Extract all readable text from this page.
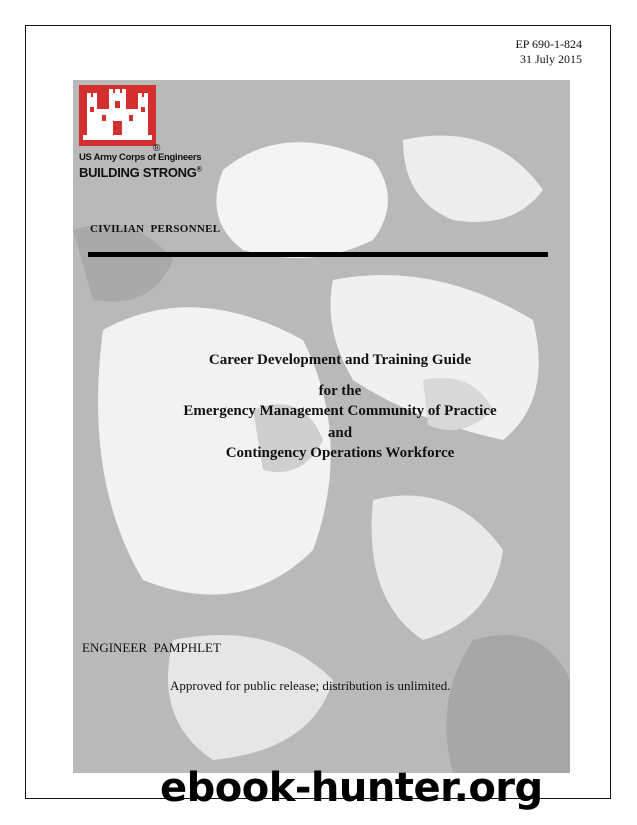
EP 690-1-824
31 July 2015
®
US Army Corps of Engineers
BUILDING STRONG®
CIVILIAN  PERSONNEL
Career Development and Training Guide
for the
Emergency Management Community of Practice
and
Contingency Operations Workforce
ENGINEER  PAMPHLET
Approved for public release; distribution is unlimited.
ebook-hunter.org
